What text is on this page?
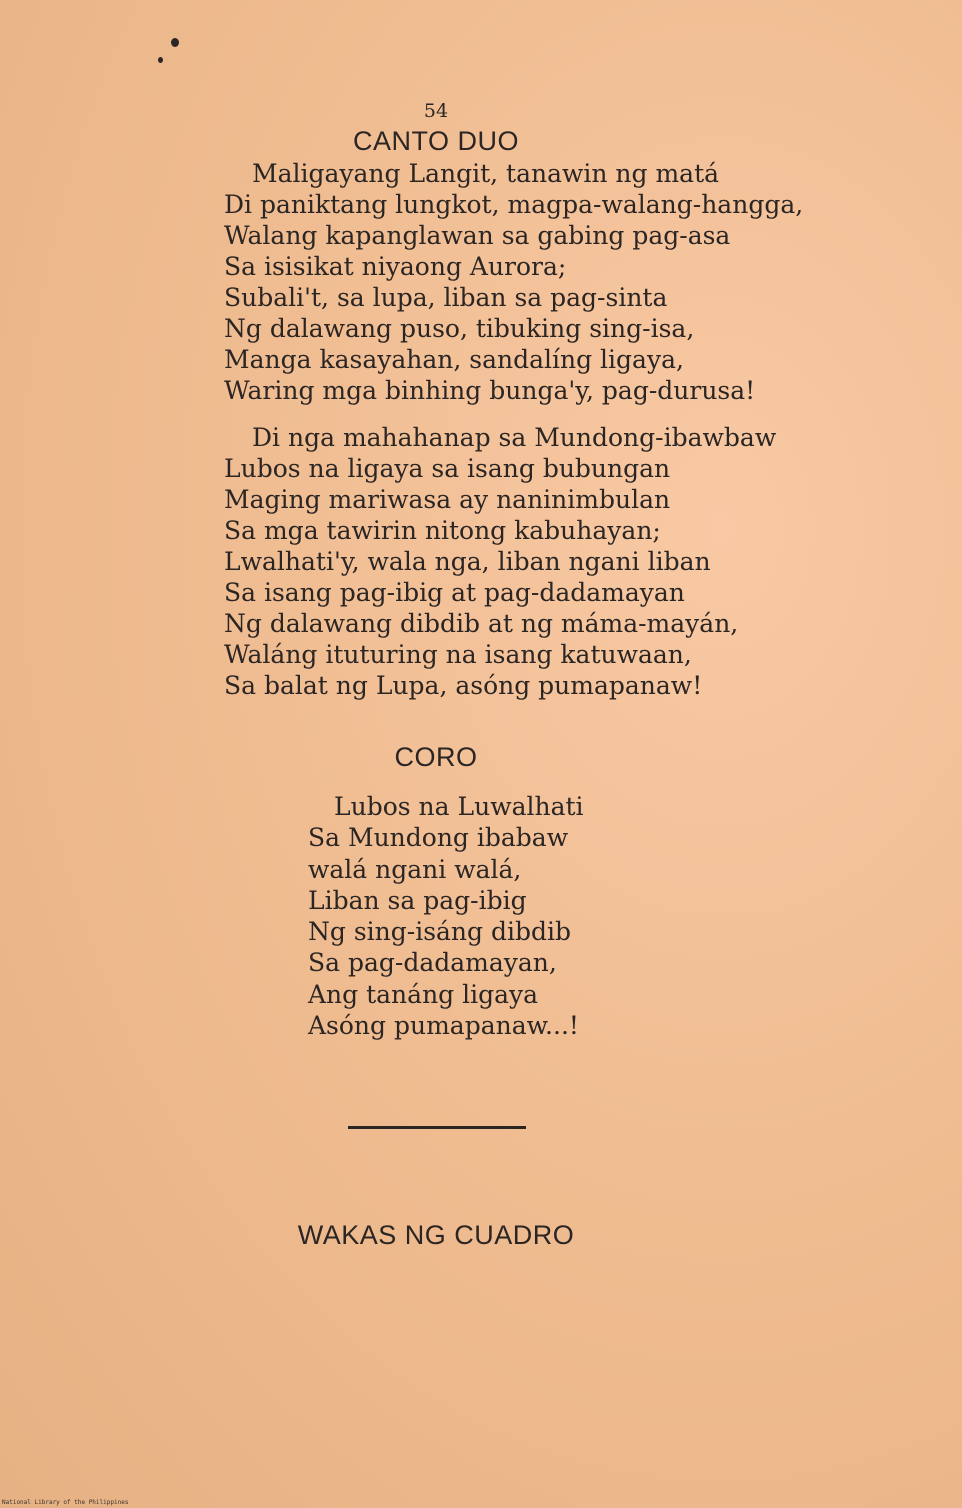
54
CANTO DUO
Maligayang Langit, tanawin ng matá
Di paniktang lungkot, magpa-walang-hangga,
Walang kapanglawan sa gabing pag-asa
Sa isisikat niyaong Aurora;
Subali't, sa lupa, liban sa pag-sinta
Ng dalawang puso, tibuking sing-isa,
Manga kasayahan, sandalíng ligaya,
Waring mga binhing bunga'y, pag-durusa!
Di nga mahahanap sa Mundong-ibawbaw
Lubos na ligaya sa isang bubungan
Maging mariwasa ay naninimbulan
Sa mga tawirin nitong kabuhayan;
Lwalhati'y, wala nga, liban ngani liban
Sa isang pag-ibig at pag-dadamayan
Ng dalawang dibdib at ng máma-mayán,
Waláng ituturing na isang katuwaan,
Sa balat ng Lupa, asóng pumapanaw!
CORO
Lubos na Luwalhati
Sa Mundong ibabaw
walá ngani walá,
Liban sa pag-ibig
Ng sing-isáng dibdib
Sa pag-dadamayan,
Ang tanáng ligaya
Asóng pumapanaw...!
WAKAS NG CUADRO
National Library of the Philippines
